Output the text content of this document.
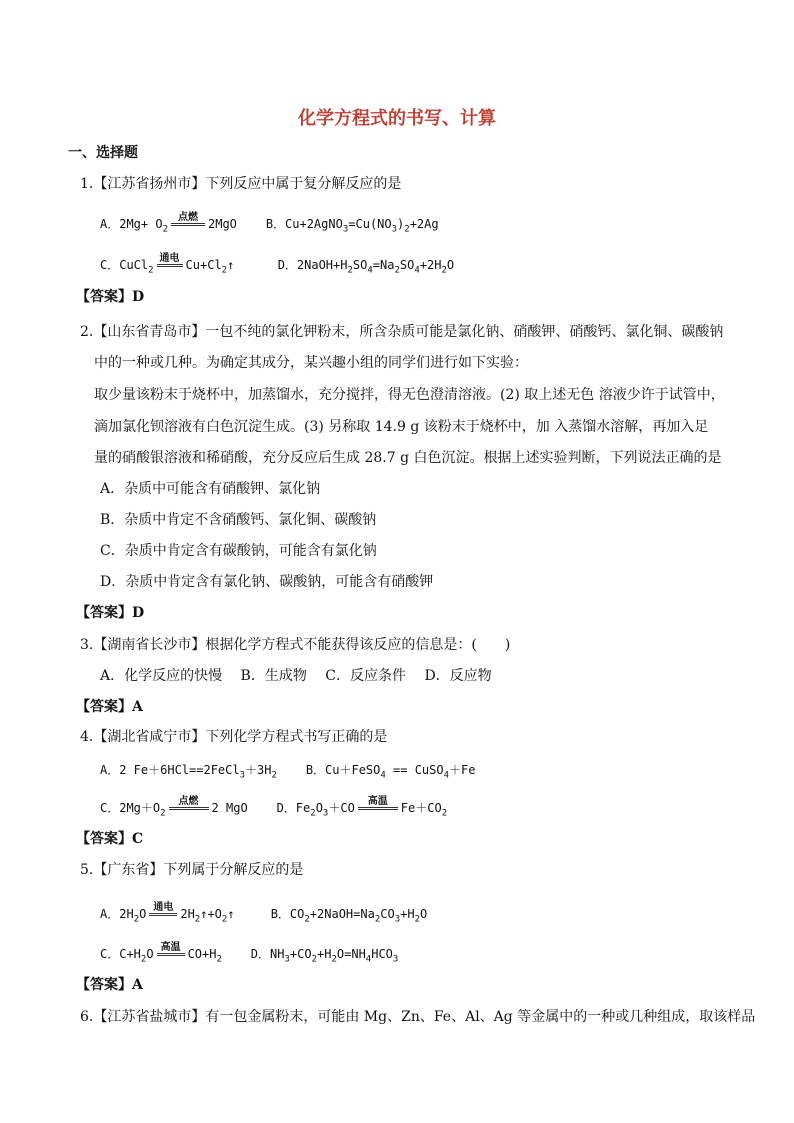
化学方程式的书写、计算
一、选择题
1.【江苏省扬州市】下列反应中属于复分解反应的是
A．$2Mg+ O_2$
点燃 2MgO B．$Cu+2AgNO_3=Cu(NO_3)_2+2Ag$
C．CuCl$_2$
通电 $Cu+Cl_2↑$	D．$2NaOH+H_2SO_4=Na_2SO_4+2H_2O$
【答案】D
2.【山东省青岛市】一包不纯的氯化钾粉末，所含杂质可能是氯化钠、硝酸钾、硝酸钙、氯化铜、碳酸钠
中的一种或几种。为确定其成分，某兴趣小组的同学们进行如下实验：
取少量该粉末于烧杯中，加蒸馏水，充分搅拌，得无色澄清溶液。(2) 取上述无色 溶液少许于试管中，
滴加氯化钡溶液有白色沉淀生成。(3) 另称取 14.9 g 该粉末于烧杯中，加 入蒸馏水溶解，再加入足
量的硝酸银溶液和稀硝酸，充分反应后生成 28.7 g 白色沉淀。根据上述实验判断，下列说法正确的是
A．杂质中可能含有硝酸钾、氯化钠
B．杂质中肯定不含硝酸钙、氯化铜、碳酸钠
C．杂质中肯定含有碳酸钠，可能含有氯化钠
D．杂质中肯定含有氯化钠、碳酸钠，可能含有硝酸钾
【答案】D
3.【湖南省长沙市】根据化学方程式不能获得该反应的信息是：(　　)
A．化学反应的快慢　 B．生成物　 C．反应条件　 D．反应物
【答案】A
4.【湖北省咸宁市】下列化学方程式书写正确的是
A．2 $Fe+6HCl==2FeCl_3+3H_2$ B．Cu＋FeSO$_4$ == CuSO$_4$＋Fe
C．$2Mg+O_2$
点燃	2 MgO D．$Fe_2O_3+CO$	高温	$Fe+CO_2$
【答案】C
5.【广东省】下列属于分解反应的是
A．$2H_2O$ 通电 $2H_2↑+O_2↑$	B．$CO_2+2NaOH=Na_2CO_3+H_2O$
C．$C+H_2O$ 高温 $CO+H_2$ D．$NH_3+CO_2+H_2O=NH_4HCO_3$
【答案】A
6.【江苏省盐城市】有一包金属粉末，可能由 Mg、Zn、Fe、Al、Ag 等金属中的一种或几种组成，取该样品
